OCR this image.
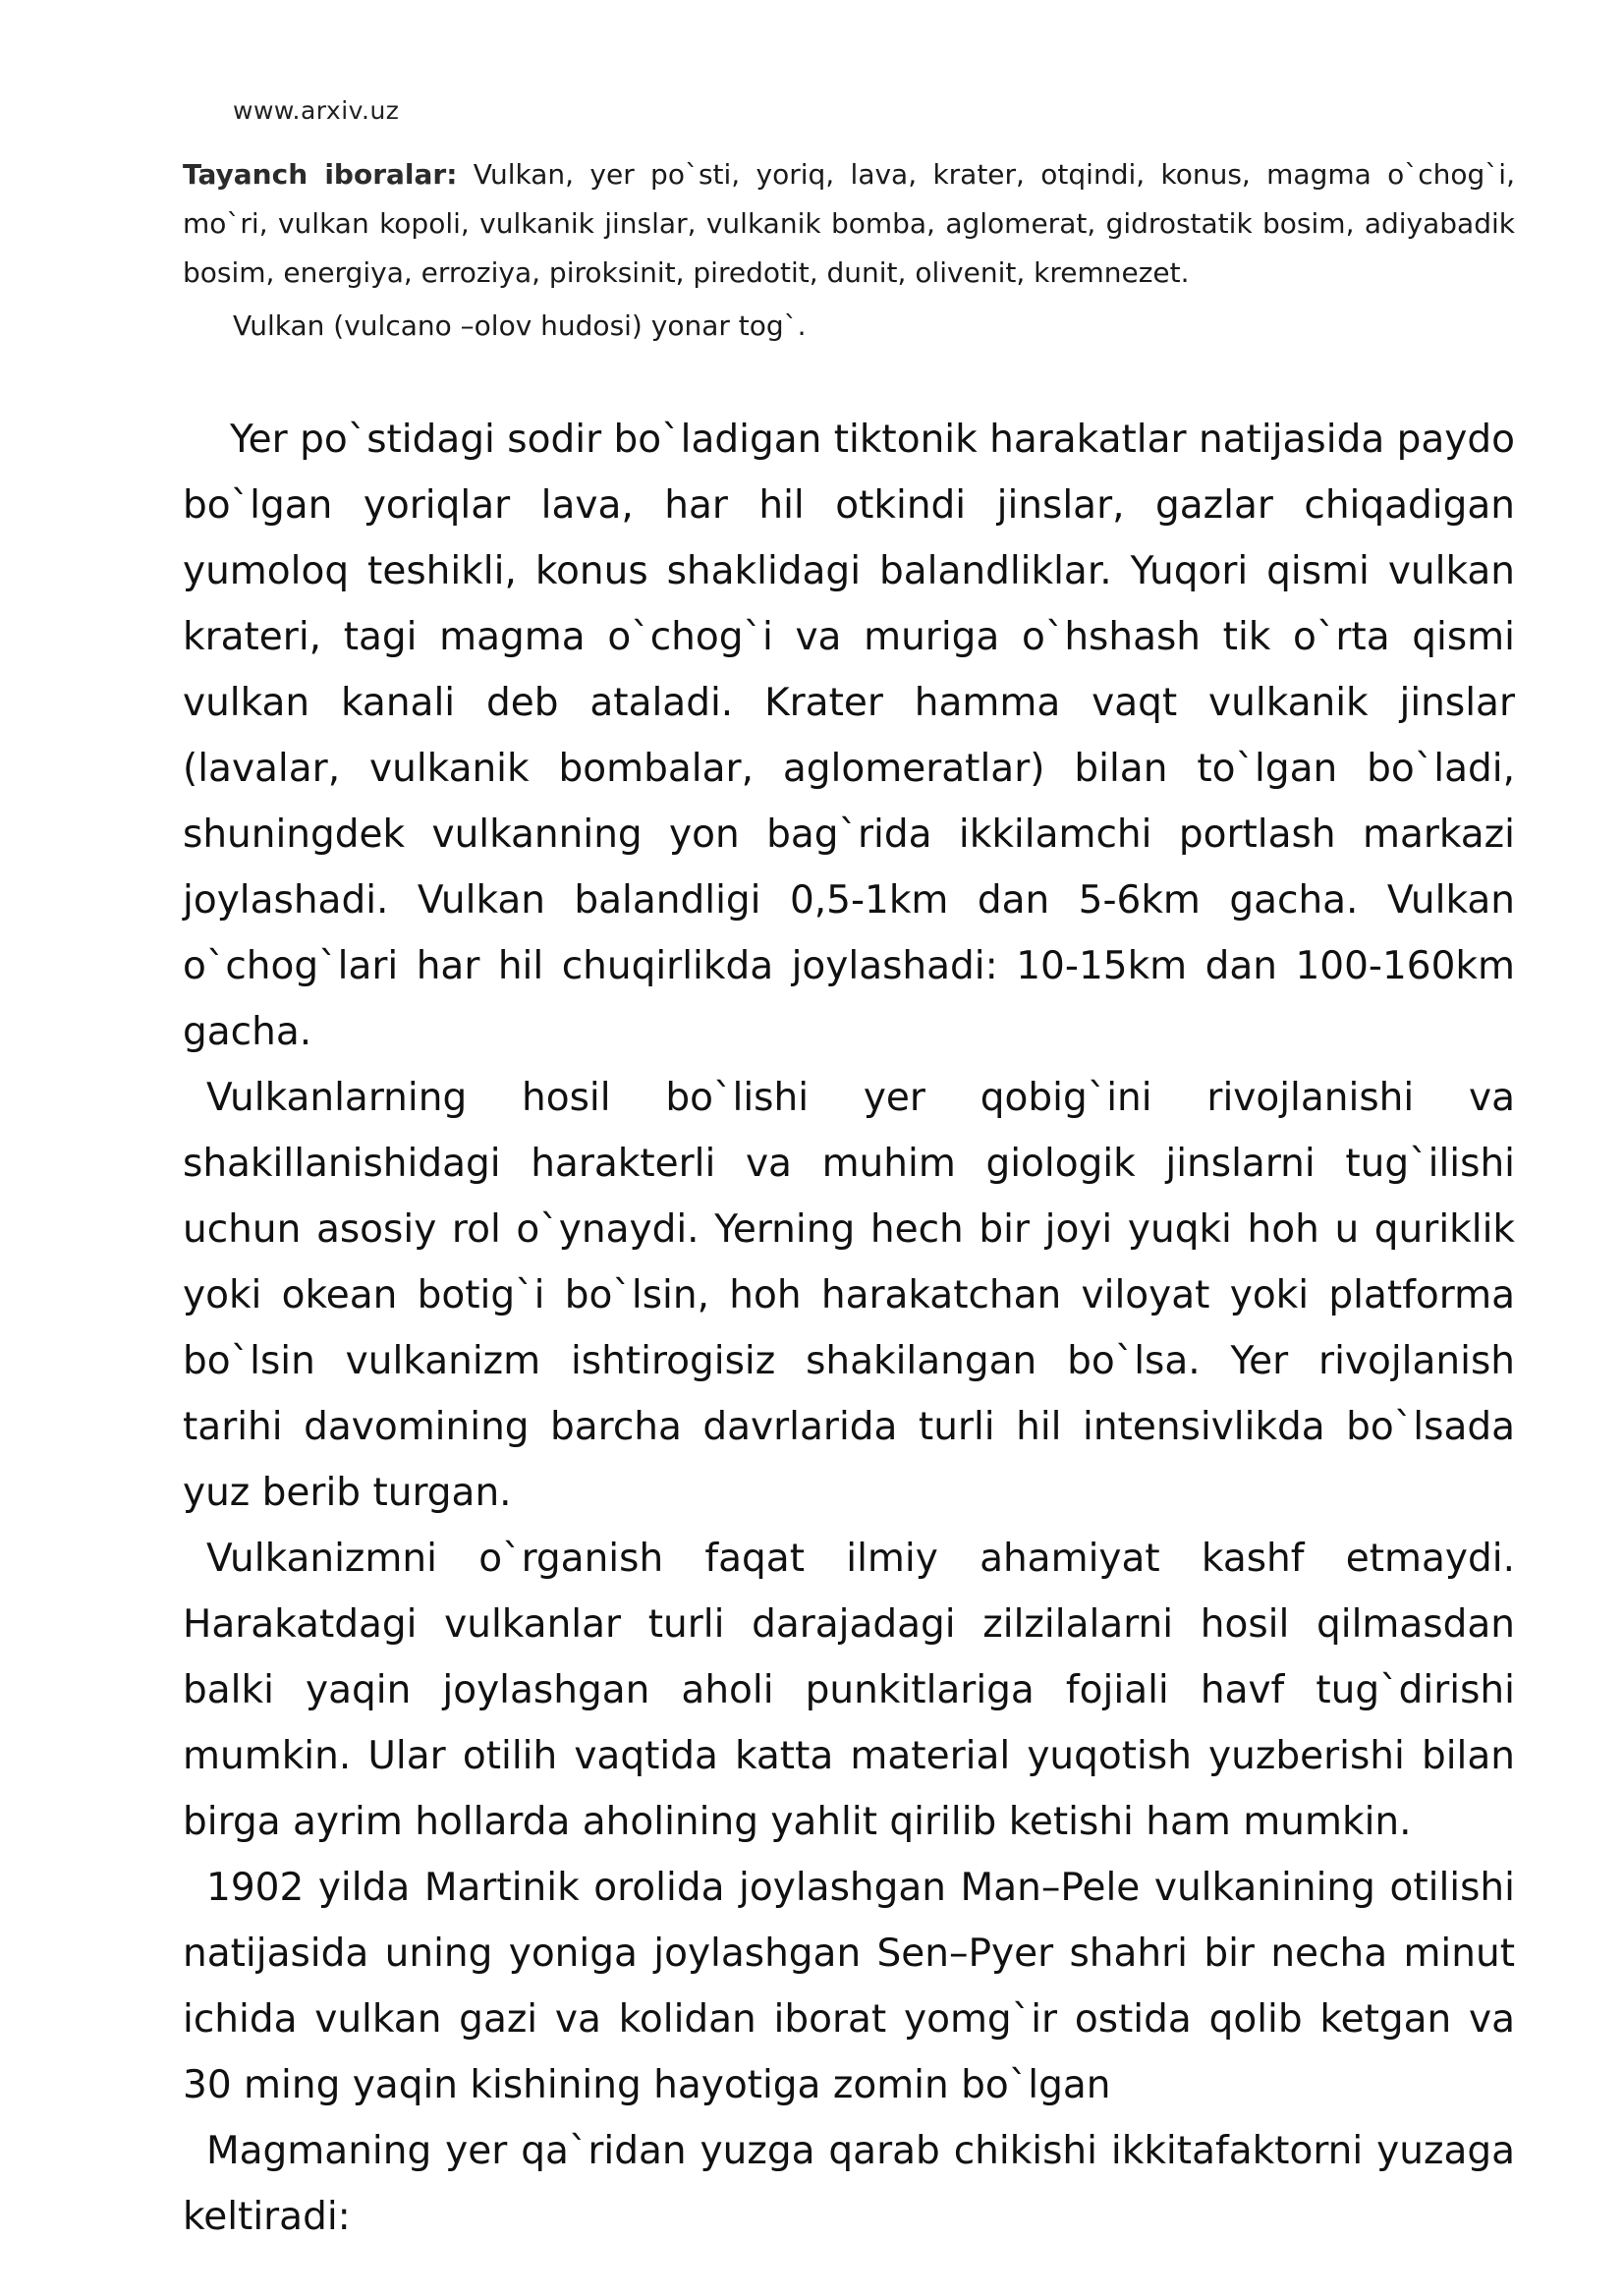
www.arxiv.uz

Tayanch iboralar: Vulkan, yer po`sti, yoriq, lava, krater, otqindi, konus, magma o`chog`i, mo`ri, vulkan kopoli, vulkanik jinslar, vulkanik bomba, aglomerat, gidrostatik bosim, adiyabadik bosim, energiya, erroziya, piroksinit, piredotit, dunit, olivenit, kremnezet.

Vulkan (vulcano –olov hudosi) yonar tog`.

Yer po`stidagi sodir bo`ladigan tiktonik harakatlar natijasida paydo bo`lgan yoriqlar lava, har hil otkindi jinslar, gazlar chiqadigan yumoloq teshikli, konus shaklidagi balandliklar. Yuqori qismi vulkan krateri, tagi magma o`chog`i va muriga o`hshash tik o`rta qismi vulkan kanali deb ataladi. Krater hamma vaqt vulkanik jinslar (lavalar, vulkanik bombalar, aglomeratlar) bilan to`lgan bo`ladi, shuningdek vulkanning yon bag`rida ikkilamchi portlash markazi joylashadi. Vulkan balandligi 0,5-1km dan 5-6km gacha. Vulkan o`chog`lari har hil chuqirlikda joylashadi: 10-15km dan 100-160km gacha.

Vulkanlarning hosil bo`lishi yer qobig`ini rivojlanishi va shakillanishidagi harakterli va muhim giologik jinslarni tug`ilishi uchun asosiy rol o`ynaydi. Yerning hech bir joyi yuqki hoh u quriklik yoki okean botig`i bo`lsin, hoh harakatchan viloyat yoki platforma bo`lsin vulkanizm ishtirogisiz shakilangan bo`lsa. Yer rivojlanish tarihi davomining barcha davrlarida turli hil intensivlikda bo`lsada yuz berib turgan.

Vulkanizmni o`rganish faqat ilmiy ahamiyat kashf etmaydi. Harakatdagi vulkanlar turli darajadagi zilzilalarni hosil qilmasdan balki yaqin joylashgan aholi punkitlariga fojiali havf tug`dirishi mumkin. Ular otilih vaqtida katta material yuqotish yuzberishi bilan birga ayrim hollarda aholining yahlit qirilib ketishi ham mumkin.

1902 yilda Martinik orolida joylashgan Man–Pele vulkanining otilishi natijasida uning yoniga joylashgan Sen–Pyer shahri bir necha minut ichida vulkan gazi va kolidan iborat yomg`ir ostida qolib ketgan va 30 ming yaqin kishining hayotiga zomin bo`lgan

Magmaning yer qa`ridan yuzga qarab chikishi ikkitafaktorni yuzaga keltiradi:
